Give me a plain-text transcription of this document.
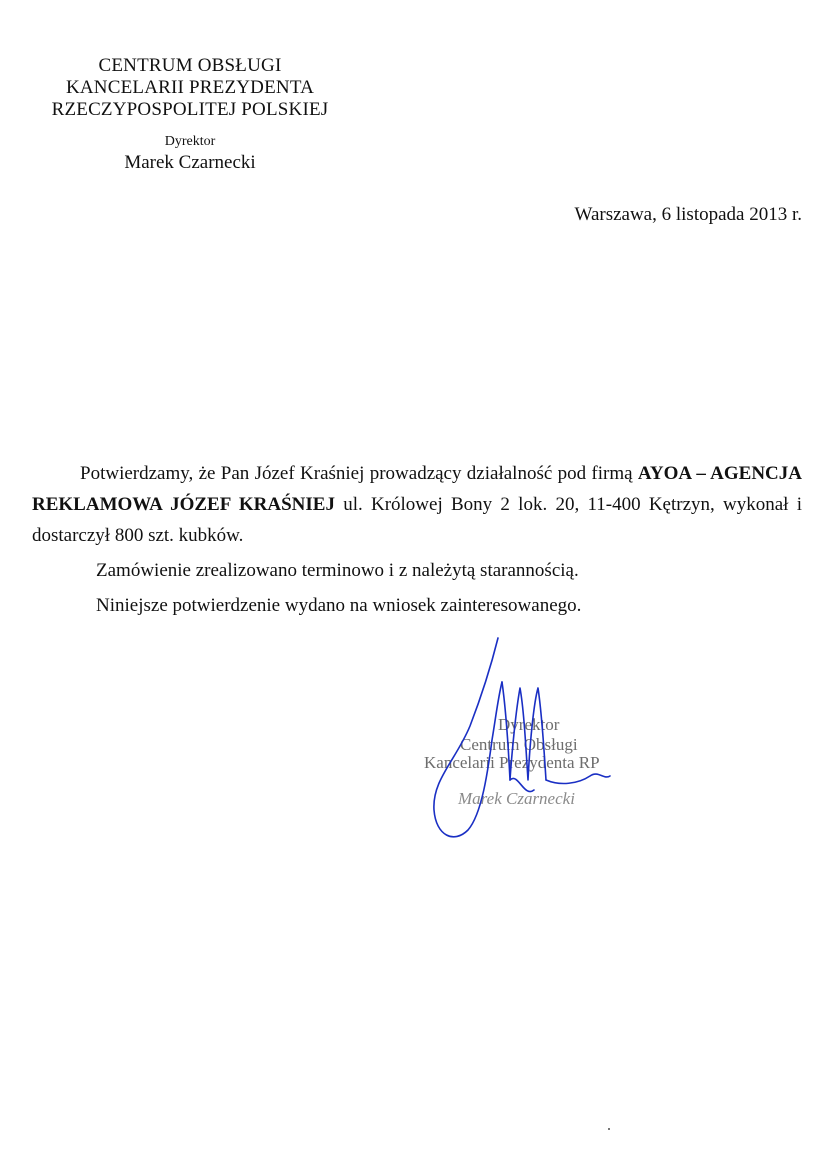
CENTRUM OBSŁUGI
KANCELARII PREZYDENTA
RZECZYPOSPOLITEJ POLSKIEJ
Dyrektor
Marek Czarnecki
Warszawa, 6 listopada 2013 r.
Potwierdzamy, że Pan Józef Kraśniej prowadzący działalność pod firmą AYOA – AGENCJA REKLAMOWA JÓZEF KRAŚNIEJ ul. Królowej Bony 2 lok. 20, 11-400 Kętrzyn, wykonał i dostarczył 800 szt. kubków.
Zamówienie zrealizowano terminowo i z należytą starannością.
Niniejsze potwierdzenie wydano na wniosek zainteresowanego.
Dyrektor
Centrum Obsługi
Kancelarii Prezydenta RP
Marek Czarnecki
